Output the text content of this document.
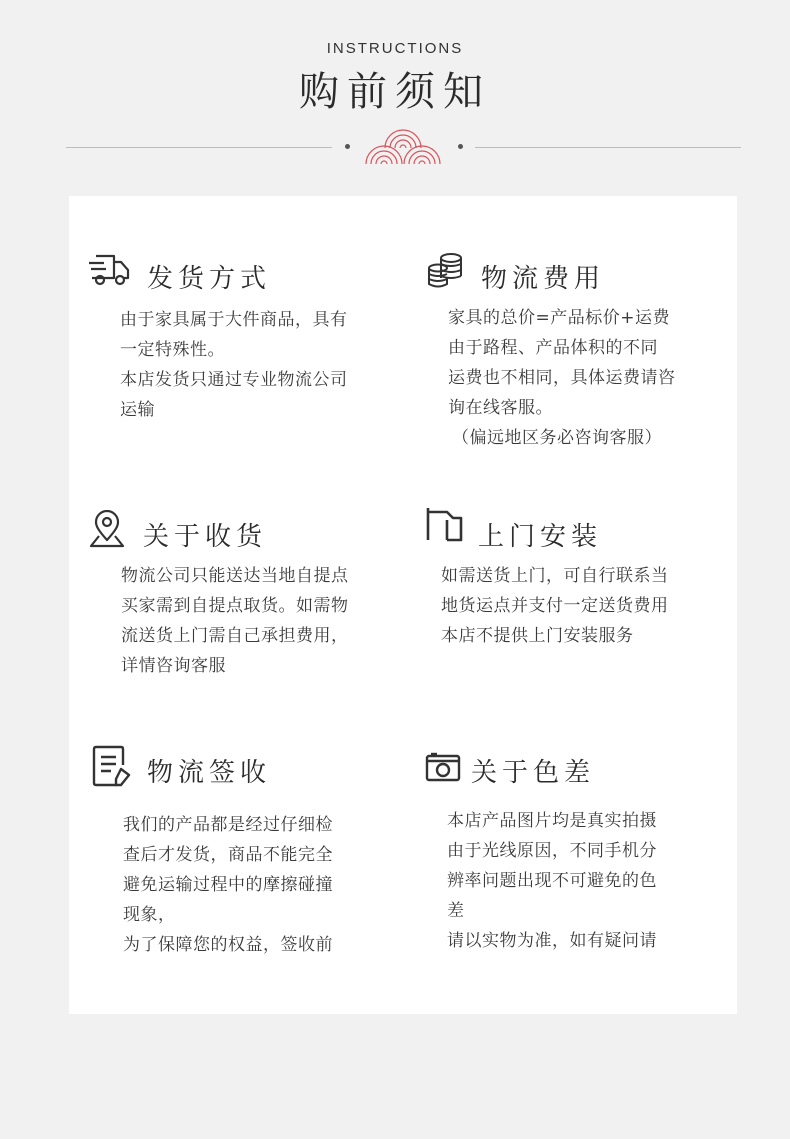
INSTRUCTIONS
购前须知
发货方式
由于家具属于大件商品，具有
一定特殊性。
本店发货只通过专业物流公司
运输
物流费用
家具的总价=产品标价+运费
由于路程、产品体积的不同
运费也不相同，具体运费请咨
询在线客服。
（偏远地区务必咨询客服）
关于收货
物流公司只能送达当地自提点
买家需到自提点取货。如需物
流送货上门需自己承担费用，
详情咨询客服
上门安装
如需送货上门，可自行联系当
地货运点并支付一定送货费用
本店不提供上门安装服务
物流签收
我们的产品都是经过仔细检
查后才发货，商品不能完全
避免运输过程中的摩擦碰撞
现象，
为了保障您的权益，签收前
关于色差
本店产品图片均是真实拍摄
由于光线原因，不同手机分
辨率问题出现不可避免的色
差
请以实物为准，如有疑问请
